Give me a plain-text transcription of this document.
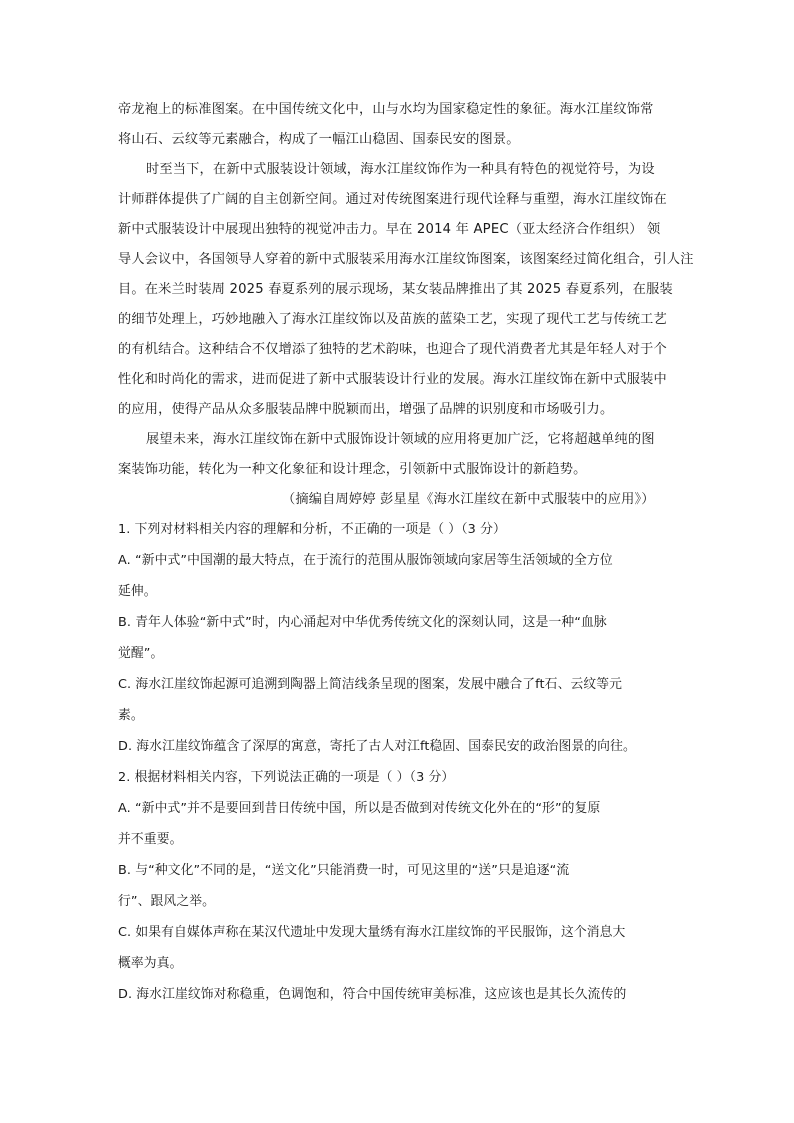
帝龙袍上的标准图案。在中国传统文化中，山与水均为国家稳定性的象征。海水江崖纹饰常
将山石、云纹等元素融合，构成了一幅江山稳固、国泰民安的图景。
时至当下，在新中式服装设计领域，海水江崖纹饰作为一种具有特色的视觉符号，为设
计师群体提供了广阔的自主创新空间。通过对传统图案进行现代诠释与重塑，海水江崖纹饰在
新中式服装设计中展现出独特的视觉冲击力。早在 2014 年 APEC（亚太经济合作组织） 领
导人会议中，各国领导人穿着的新中式服装采用海水江崖纹饰图案，该图案经过简化组合，引人注
目。在米兰时装周 2025 春夏系列的展示现场，某女装品牌推出了其 2025 春夏系列，在服装
的细节处理上，巧妙地融入了海水江崖纹饰以及苗族的蓝染工艺，实现了现代工艺与传统工艺
的有机结合。这种结合不仅增添了独特的艺术韵味，也迎合了现代消费者尤其是年轻人对于个
性化和时尚化的需求，进而促进了新中式服装设计行业的发展。海水江崖纹饰在新中式服装中
的应用，使得产品从众多服装品牌中脱颖而出，增强了品牌的识别度和市场吸引力。
展望未来，海水江崖纹饰在新中式服饰设计领域的应用将更加广泛，它将超越单纯的图
案装饰功能，转化为一种文化象征和设计理念，引领新中式服饰设计的新趋势。
（摘编自周婷婷 彭星星《海水江崖纹在新中式服装中的应用》）
1. 下列对材料相关内容的理解和分析，不正确的一项是（ ）（3 分）
A. “新中式”中国潮的最大特点，在于流行的范围从服饰领域向家居等生活领域的全方位
延伸。
B. 青年人体验“新中式”时，内心涌起对中华优秀传统文化的深刻认同，这是一种“血脉
觉醒”。
C. 海水江崖纹饰起源可追溯到陶器上简洁线条呈现的图案，发展中融合了ft石、云纹等元
素。
D. 海水江崖纹饰蕴含了深厚的寓意，寄托了古人对江ft稳固、国泰民安的政治图景的向往。
2. 根据材料相关内容，下列说法正确的一项是（ ）（3 分）
A. “新中式”并不是要回到昔日传统中国，所以是否做到对传统文化外在的“形”的复原
并不重要。
B. 与“种文化”不同的是，“送文化”只能消费一时，可见这里的“送”只是追逐“流
行”、跟风之举。
C. 如果有自媒体声称在某汉代遗址中发现大量绣有海水江崖纹饰的平民服饰，这个消息大
概率为真。
D. 海水江崖纹饰对称稳重，色调饱和，符合中国传统审美标准，这应该也是其长久流传的
